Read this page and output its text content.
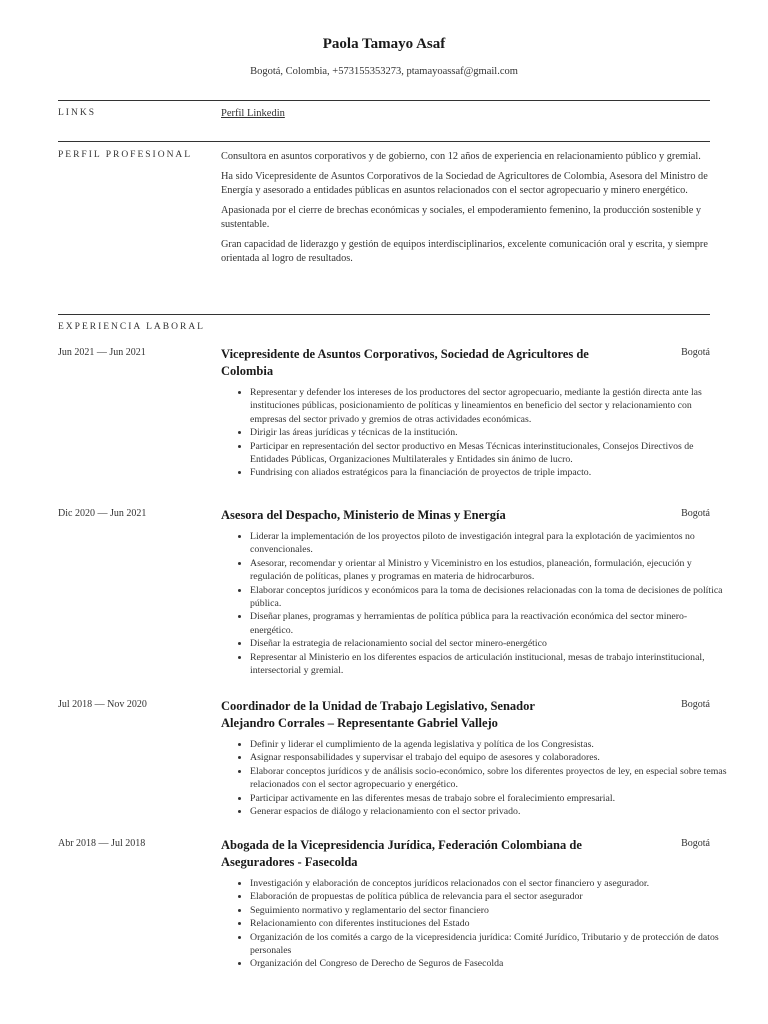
Paola Tamayo Asaf
Bogotá, Colombia, +573155353273, ptamayoassaf@gmail.com
LINKS	Perfil Linkedin
PERFIL PROFESIONAL	Consultora en asuntos corporativos y de gobierno, con 12 años de experiencia en relacionamiento público y gremial.

Ha sido Vicepresidente de Asuntos Corporativos de la Sociedad de Agricultores de Colombia, Asesora del Ministro de Energía y asesorado a entidades públicas en asuntos relacionados con el sector agropecuario y minero energético.

Apasionada por el cierre de brechas económicas y sociales, el empoderamiento femenino, la producción sostenible y sustentable.

Gran capacidad de liderazgo y gestión de equipos interdisciplinarios, excelente comunicación oral y escrita, y siempre orientada al logro de resultados.

EXPERIENCIA LABORAL
Jun 2021 — Jun 2021	Vicepresidente de Asuntos Corporativos, Sociedad de Agricultores de Colombia
Bogotá
• Representar y defender los intereses de los productores del sector agropecuario, mediante la gestión directa ante las instituciones públicas, posicionamiento de políticas y lineamientos en beneficio del sector y relacionamiento con empresas del sector privado y gremios de otras actividades económicas.
• Dirigir las áreas jurídicas y técnicas de la institución.
• Participar en representación del sector productivo en Mesas Técnicas interinstitucionales, Consejos Directivos de Entidades Públicas, Organizaciones Multilaterales y Entidades sin ánimo de lucro.
• Fundrising con aliados estratégicos para la financiación de proyectos de triple impacto.
Dic 2020 — Jun 2021	Asesora del Despacho, Ministerio de Minas y Energía	Bogotá
• Liderar la implementación de los proyectos piloto de investigación integral para la explotación de yacimientos no convencionales.
• Asesorar, recomendar y orientar al Ministro y Viceministro en los estudios, planeación, formulación, ejecución y regulación de políticas, planes y programas en materia de hidrocarburos.
• Elaborar conceptos jurídicos y económicos para la toma de decisiones relacionadas con la toma de decisiones de política pública.
• Diseñar planes, programas y herramientas de política pública para la reactivación económica del sector minero-energético.
• Diseñar la estrategia de relacionamiento social del sector minero-energético
• Representar al Ministerio en los diferentes espacios de articulación institucional, mesas de trabajo interinstitucional, intersectorial y gremial.
Jul 2018 — Nov 2020	Coordinador de la Unidad de Trabajo Legislativo, Senador Alejandro Corrales – Representante Gabriel Vallejo
Bogotá
• Definir y liderar el cumplimiento de la agenda legislativa y política de los Congresistas.
• Asignar responsabilidades y supervisar el trabajo del equipo de asesores y colaboradores.
• Elaborar conceptos jurídicos y de análisis socio-económico, sobre los diferentes proyectos de ley, en especial sobre temas relacionados con el sector agropecuario y energético.
• Participar activamente en las diferentes mesas de trabajo sobre el foralecimiento empresarial.
• Generar espacios de diálogo y relacionamiento con el sector privado.
Abr 2018 — Jul 2018	Abogada de la Vicepresidencia Jurídica, Federación Colombiana de Aseguradores - Fasecolda
Bogotá
• Investigación y elaboración de conceptos jurídicos relacionados con el sector financiero y asegurador.
• Elaboración de propuestas de política pública de relevancia para el sector asegurador
• Seguimiento normativo y reglamentario del sector financiero
• Relacionamiento con diferentes instituciones del Estado
• Organización de los comités a cargo de la vicepresidencia jurídica: Comité Jurídico, Tributario y de protección de datos personales
• Organización del Congreso de Derecho de Seguros de Fasecolda
